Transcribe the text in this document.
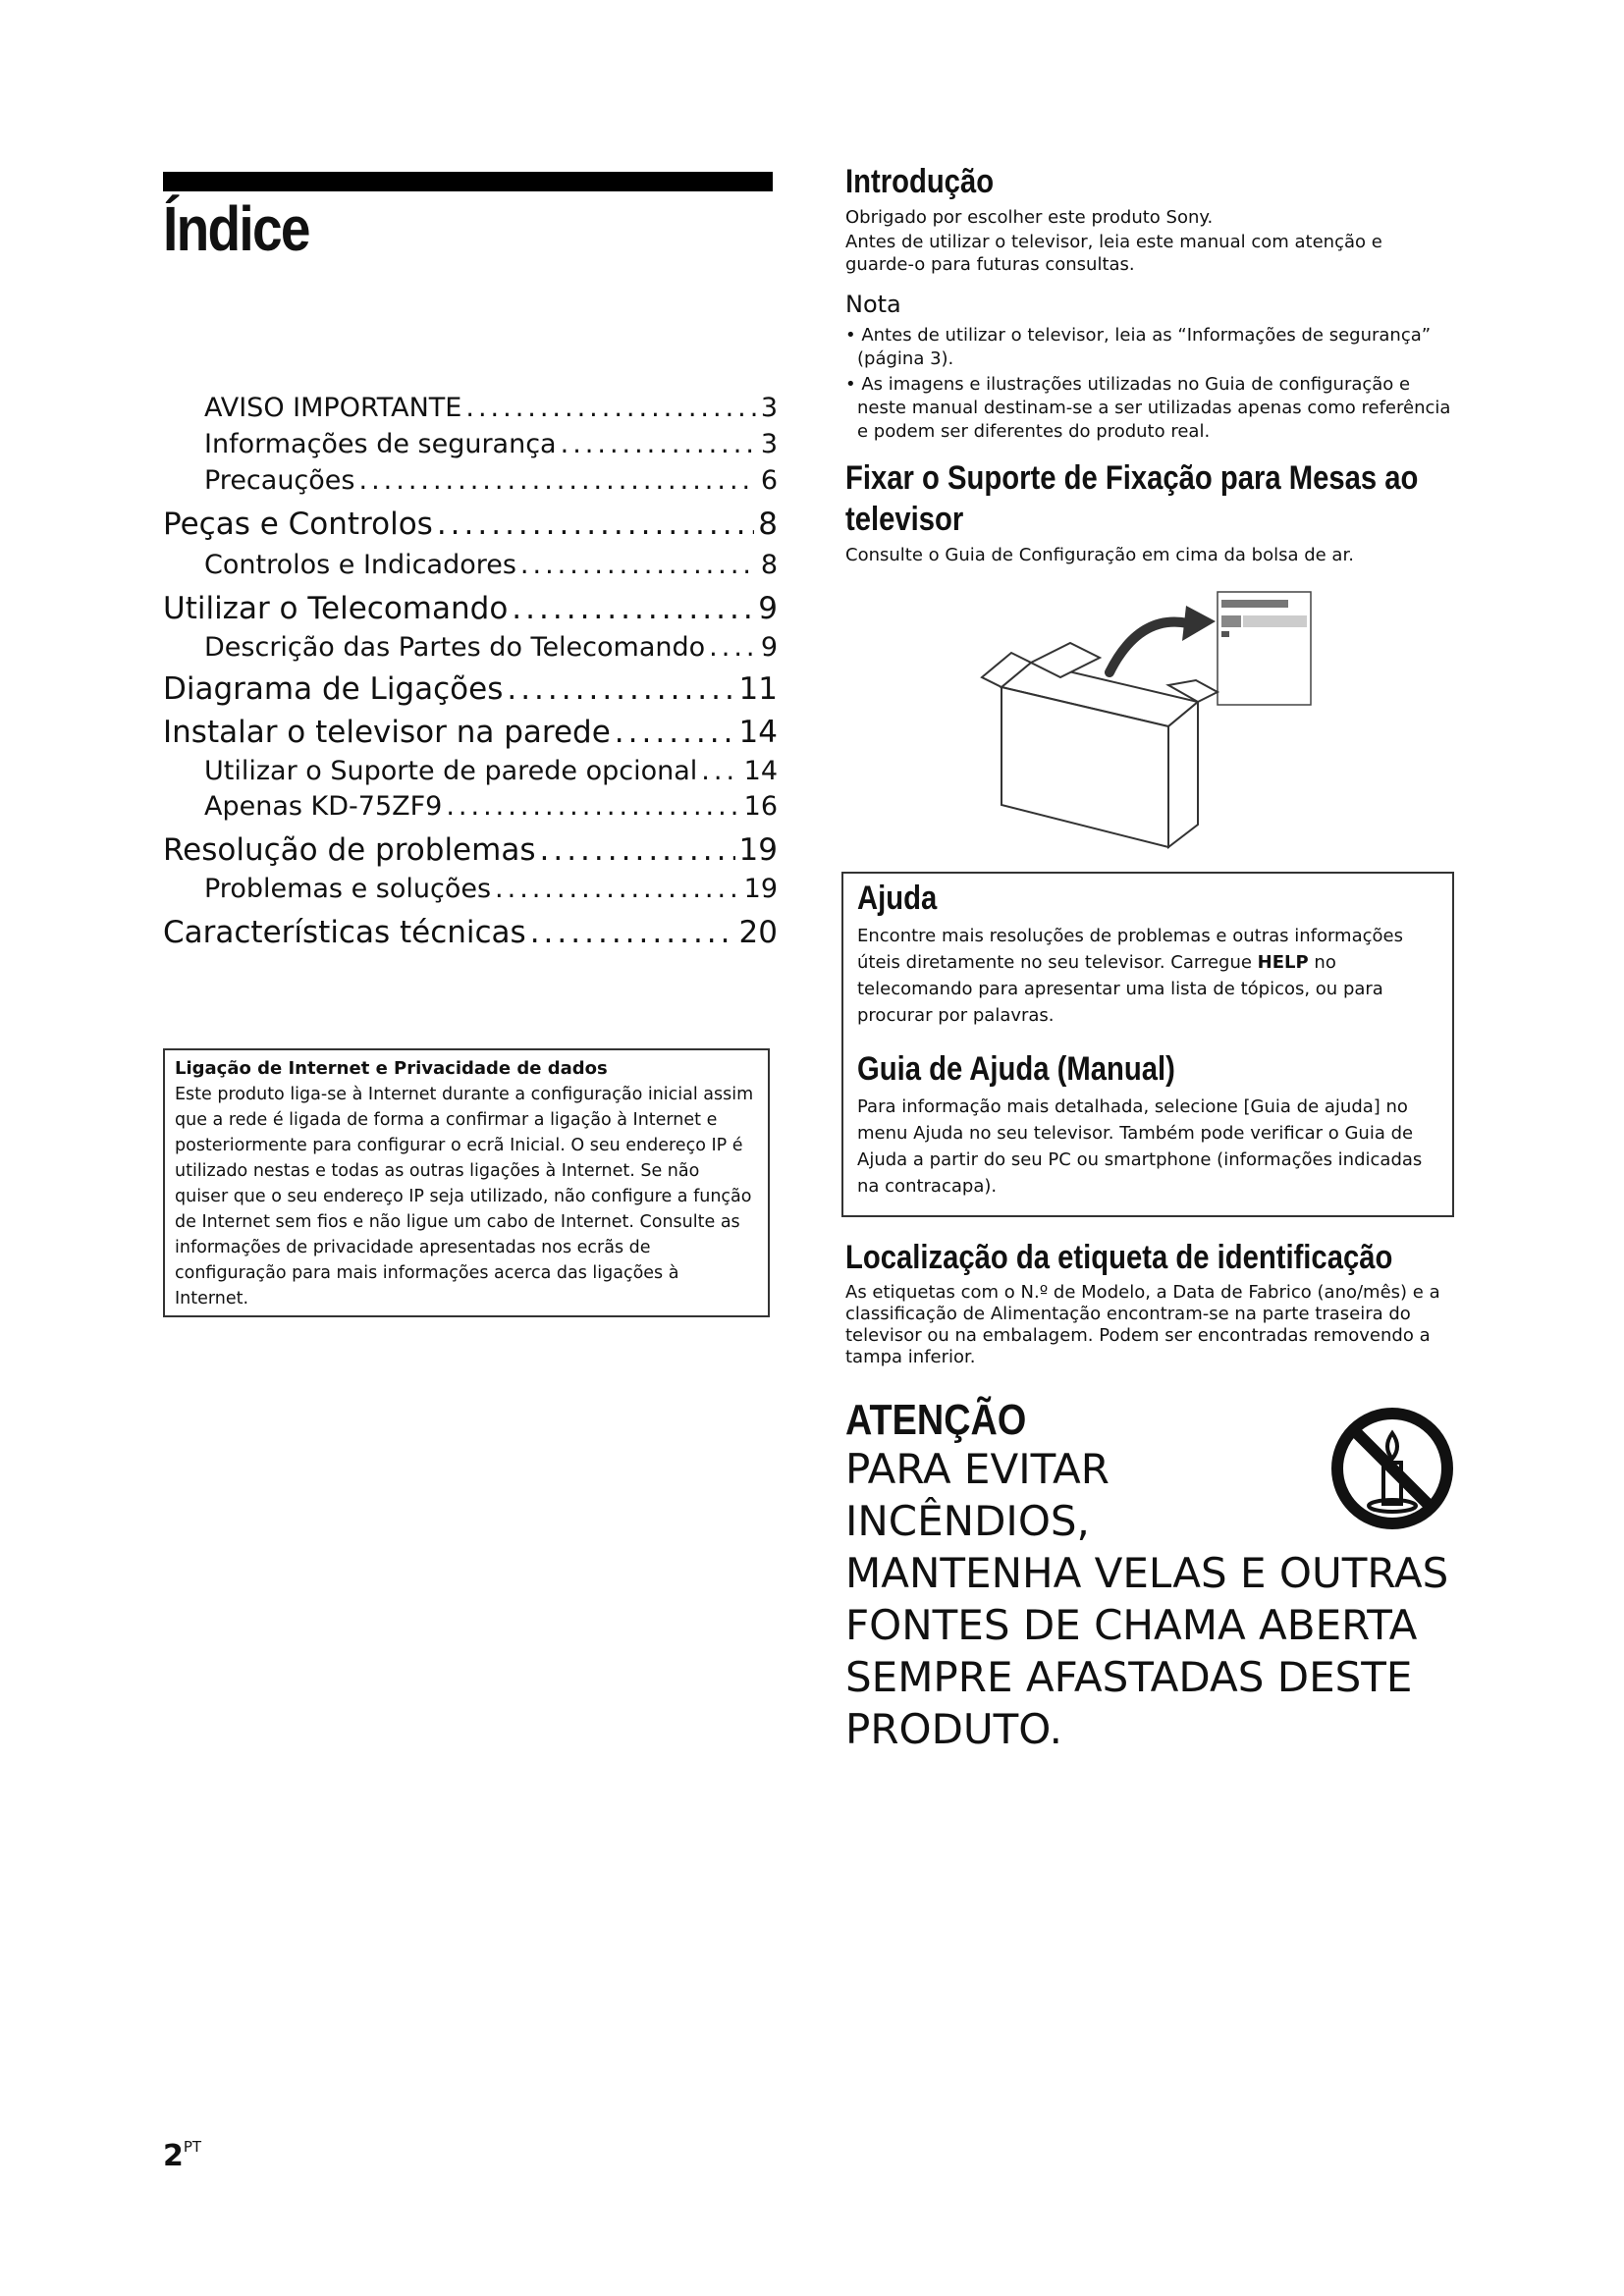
Índice
AVISO IMPORTANTE .....	3
Informações de segurança .....	3
Precauções .....	6
Peças e Controlos .....	8
Controlos e Indicadores .....	8
Utilizar o Telecomando .....	9
Descrição das Partes do Telecomando ..... 9
Diagrama de Ligações .....	11
Instalar o televisor na parede .....	14
Utilizar o Suporte de parede opcional ..... 14
Apenas KD-75ZF9 .....	16
Resolução de problemas .....	19
Problemas e soluções .....	19
Características técnicas .....	20
Ligação de Internet e Privacidade de dados
Este produto liga-se à Internet durante a configuração inicial assim que a rede é ligada de forma a confirmar a ligação à Internet e posteriormente para configurar o ecrã Inicial. O seu endereço IP é utilizado nestas e todas as outras ligações à Internet. Se não quiser que o seu endereço IP seja utilizado, não configure a função de Internet sem fios e não ligue um cabo de Internet. Consulte as informações de privacidade apresentadas nos ecrãs de configuração para mais informações acerca das ligações à Internet.
Introdução
Obrigado por escolher este produto Sony.
Antes de utilizar o televisor, leia este manual com atenção e guarde-o para futuras consultas.
Nota
• Antes de utilizar o televisor, leia as “Informações de segurança” (página 3).
• As imagens e ilustrações utilizadas no Guia de configuração e neste manual destinam-se a ser utilizadas apenas como referência e podem ser diferentes do produto real.
Fixar o Suporte de Fixação para Mesas ao
televisor
Consulte o Guia de Configuração em cima da bolsa de ar.
Ajuda
Encontre mais resoluções de problemas e outras informações úteis diretamente no seu televisor. Carregue HELP no telecomando para apresentar uma lista de tópicos, ou para procurar por palavras.
Guia de Ajuda (Manual)
Para informação mais detalhada, selecione [Guia de ajuda] no menu Ajuda no seu televisor. Também pode verificar o Guia de Ajuda a partir do seu PC ou smartphone (informações indicadas na contracapa).
Localização da etiqueta de identificação
As etiquetas com o N.º de Modelo, a Data de Fabrico (ano/mês) e a classificação de Alimentação encontram-se na parte traseira do televisor ou na embalagem. Podem ser encontradas removendo a tampa inferior.
ATENÇÃO
PARA EVITAR
INCÊNDIOS,
MANTENHA VELAS E OUTRAS
FONTES DE CHAMA ABERTA
SEMPRE AFASTADAS DESTE
PRODUTO.
$2^{PT}$
